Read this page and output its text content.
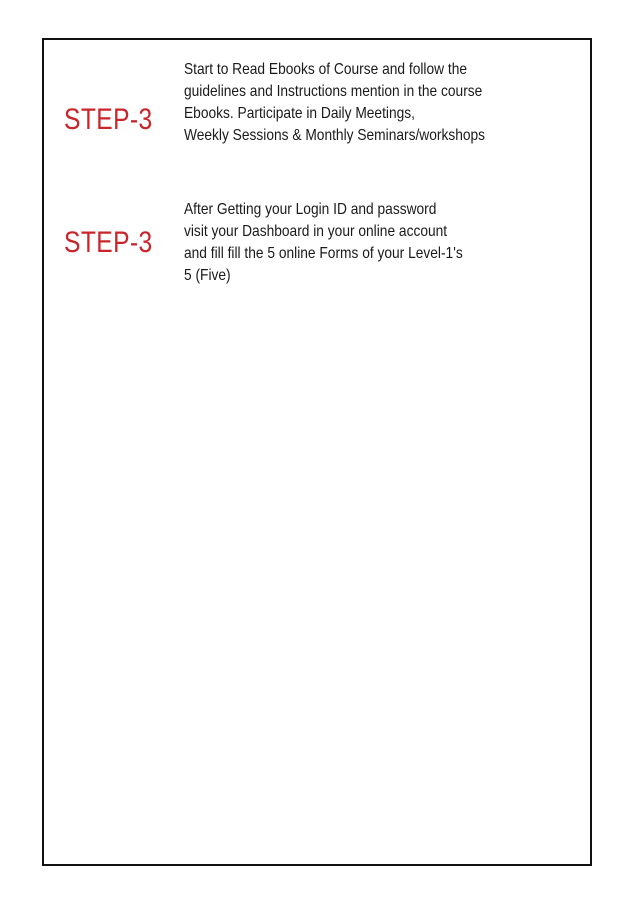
STEP-3
Start to Read Ebooks of Course and follow the
guidelines and Instructions mention in the course
Ebooks. Participate in Daily Meetings,
Weekly Sessions & Monthly Seminars/workshops
STEP-3
After Getting your Login ID and password
visit your Dashboard in your online account
and fill fill the 5 online Forms of your Level-1's
5 (Five)
